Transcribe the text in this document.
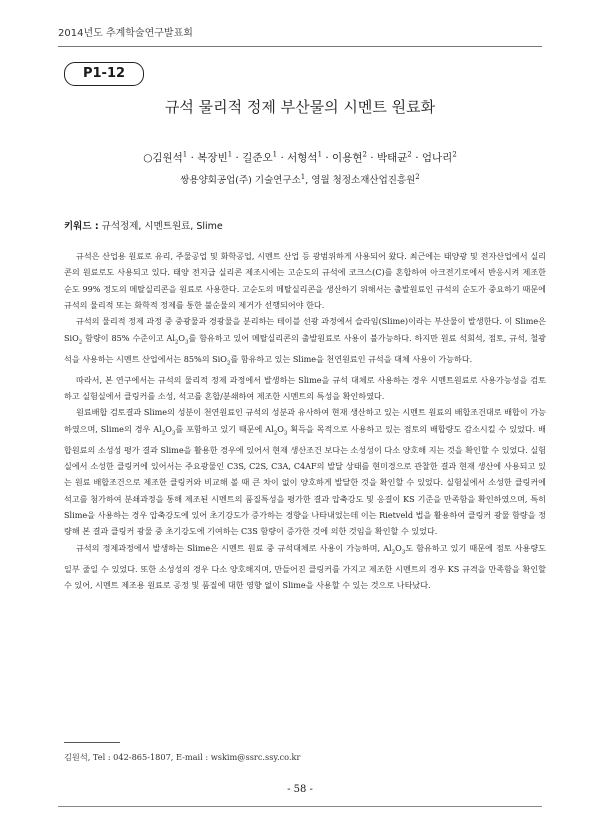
2014년도 추계학술연구발표회
P1-12
규석 물리적 정제 부산물의 시멘트 원료화
○김원석$^1$ · 복장빈$^1$ · 길준오$^1$ · 서형석$^1$ · 이용현$^2$ · 박태균$^2$ · 엄나리$^2$
쌍용양회공업(주) 기술연구소$^1$, 영월 청정소재산업진흥원$^2$
키워드 : 규석정제, 시멘트원료, Slime

규석은 산업용 원료로 유리, 주물공업 및 화학공업, 시멘트 산업 등 광범위하게 사용되어 왔다. 최근에는 태양광 및 전자산업에서 실리콘의 원료로도 사용되고 있다. 태양 전지급 실리콘 제조시에는 고순도의 규석에 코크스(C)를 혼합하여 아크전기로에서 반응시켜 제조한 순도 99% 정도의 메탈실리콘을 원료로 사용한다. 고순도의 메탈실리콘을 생산하기 위해서는 출발원료인 규석의 순도가 중요하기 때문에 규석의 물리적 또는 화학적 정제를 통한 불순물의 제거가 선행되어야 한다.

규석의 물리적 정제 과정 중 중광물과 경광물을 분리하는 테이블 선광 과정에서 슬라임(Slime)이라는 부산물이 발생한다. 이 Slime은 SiO$_2$ 함량이 85% 수준이고 $Al_2O_3$를 함유하고 있어 메탈실리콘의 출발원료로 사용이 불가능하다. 하지만 원료 석회석, 점토, 규석, 철광석을 사용하는 시멘트 산업에서는 85%의 SiO$_2$를 함유하고 있는 Slime을 천연원료인 규석을 대체 사용이 가능하다.

따라서, 본 연구에서는 규석의 물리적 정제 과정에서 발생하는 Slime을 규석 대체로 사용하는 경우 시멘트원료로 사용가능성을 검토하고 실험실에서 클링커를 소성, 석고를 혼합/분쇄하여 제조한 시멘트의 특성을 확인하였다.

원료배합 검토결과 Slime의 성분이 천연원료인 규석의 성분과 유사하여 현재 생산하고 있는 시멘트 원료의 배합조건대로 배합이 가능하였으며, Slime의 경우 $Al_2O_3$를 포함하고 있기 때문에 $Al_2O_3$ 획득을 목적으로 사용하고 있는 점토의 배합량도 감소시킬 수 있었다. 배합원료의 소성성 평가 결과 Slime을 활용한 경우에 있어서 현재 생산조건 보다는 소성성이 다소 양호해 지는 것을 확인할 수 있었다. 실험실에서 소성한 클링커에 있어서는 주요광물인 C3S, C2S, C3A, C4AF의 발달 상태를 현미경으로 관찰한 결과 현재 생산에 사용되고 있는 원료 배합조건으로 제조한 클링커와 비교해 볼 때 큰 차이 없이 양호하게 발달한 것을 확인할 수 있었다. 실험실에서 소성한 클링커에 석고를 첨가하여 분쇄과정을 통해 제조된 시멘트의 품질특성을 평가한 결과 압축강도 및 응결이 KS 기준을 만족함을 확인하였으며, 특히 Slime을 사용하는 경우 압축강도에 있어 초기강도가 증가하는 경향을 나타내었는데 이는 Rietveld 법을 활용하여 클링커 광물 함량을 정량해 본 결과 클링커 광물 중 초기강도에 기여하는 C3S 함량이 증가한 것에 의한 것임을 확인할 수 있었다.

규석의 정제과정에서 발생하는 Slime은 시멘트 원료 중 규석대체로 사용이 가능하며, $Al_2O_3$도 함유하고 있기 때문에 점토 사용량도 일부 줄일 수 있었다. 또한 소성성의 경우 다소 양호해지며, 만들어진 클링커를 가지고 제조한 시멘트의 경우 KS 규격을 만족함을 확인할 수 있어, 시멘트 제조용 원료로 공정 및 품질에 대한 영향 없이 Slime을 사용할 수 있는 것으로 나타났다.

김원석, Tel : 042-865-1807, E-mail : wskim@ssrc.ssy.co.kr
- 58 -
